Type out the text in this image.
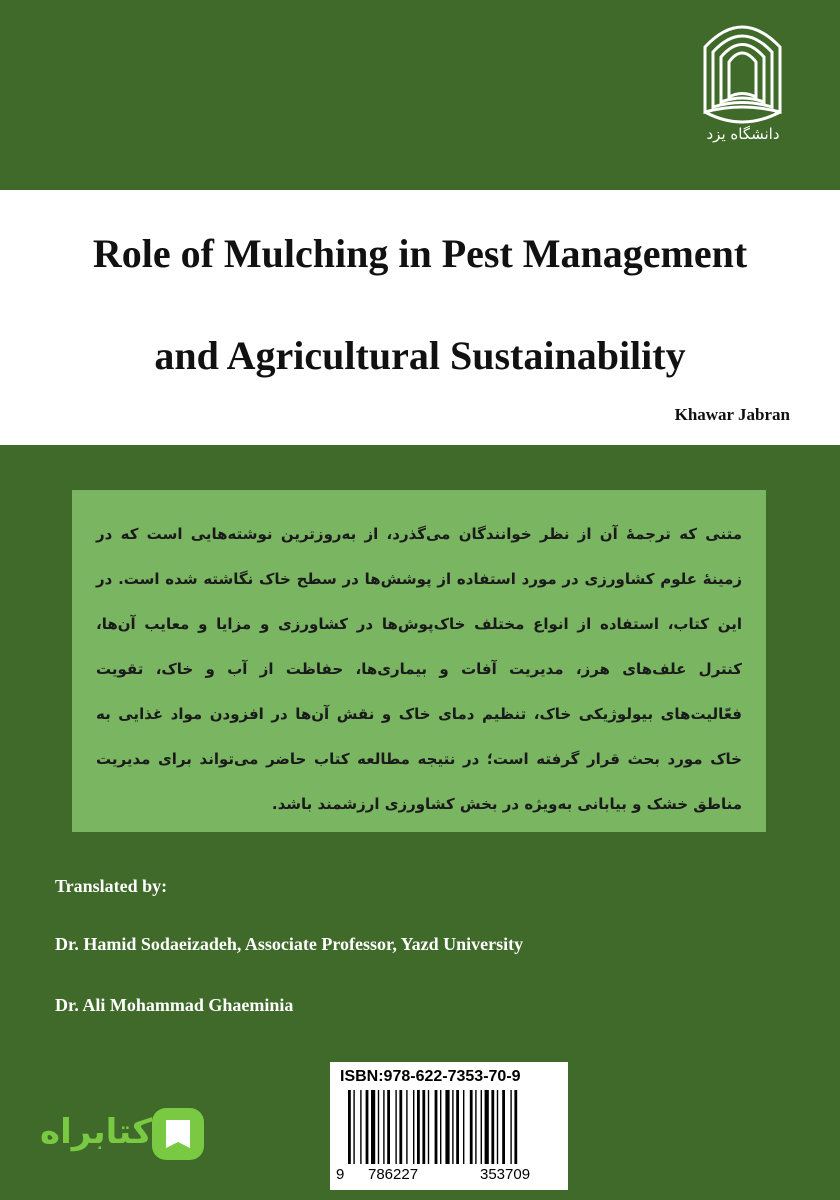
دانشگاه یزد
Role of Mulching in Pest Management
and Agricultural Sustainability
Khawar Jabran

متنی که ترجمهٔ آن از نظر خوانندگان می‌گذرد، از به‌روزترین نوشته‌هایی است که در زمینهٔ علوم کشاورزی در مورد استفاده از پوشش‌ها در سطح خاک نگاشته شده است. در این کتاب، استفاده از انواع مختلف خاک‌پوش‌ها در کشاورزی و مزایا و معایب آن‌ها، کنترل علف‌های هرز، مدیریت آفات و بیماری‌ها، حفاظت از آب و خاک، تقویت فعّالیت‌های بیولوژیکی خاک، تنظیم دمای خاک و نقش آن‌ها در افزودن مواد غذایی به خاک مورد بحث قرار گرفته است؛ در نتیجه مطالعه کتاب حاضر می‌تواند برای مدیریت مناطق خشک و بیابانی به‌ویژه در بخش کشاورزی ارزشمند باشد.

Translated by:
Dr. Hamid Sodaeizadeh, Associate Professor, Yazd University
Dr. Ali Mohammad Ghaeminia
ISBN:978-622-7353-70-9
9 786227	353709
کتابراه
